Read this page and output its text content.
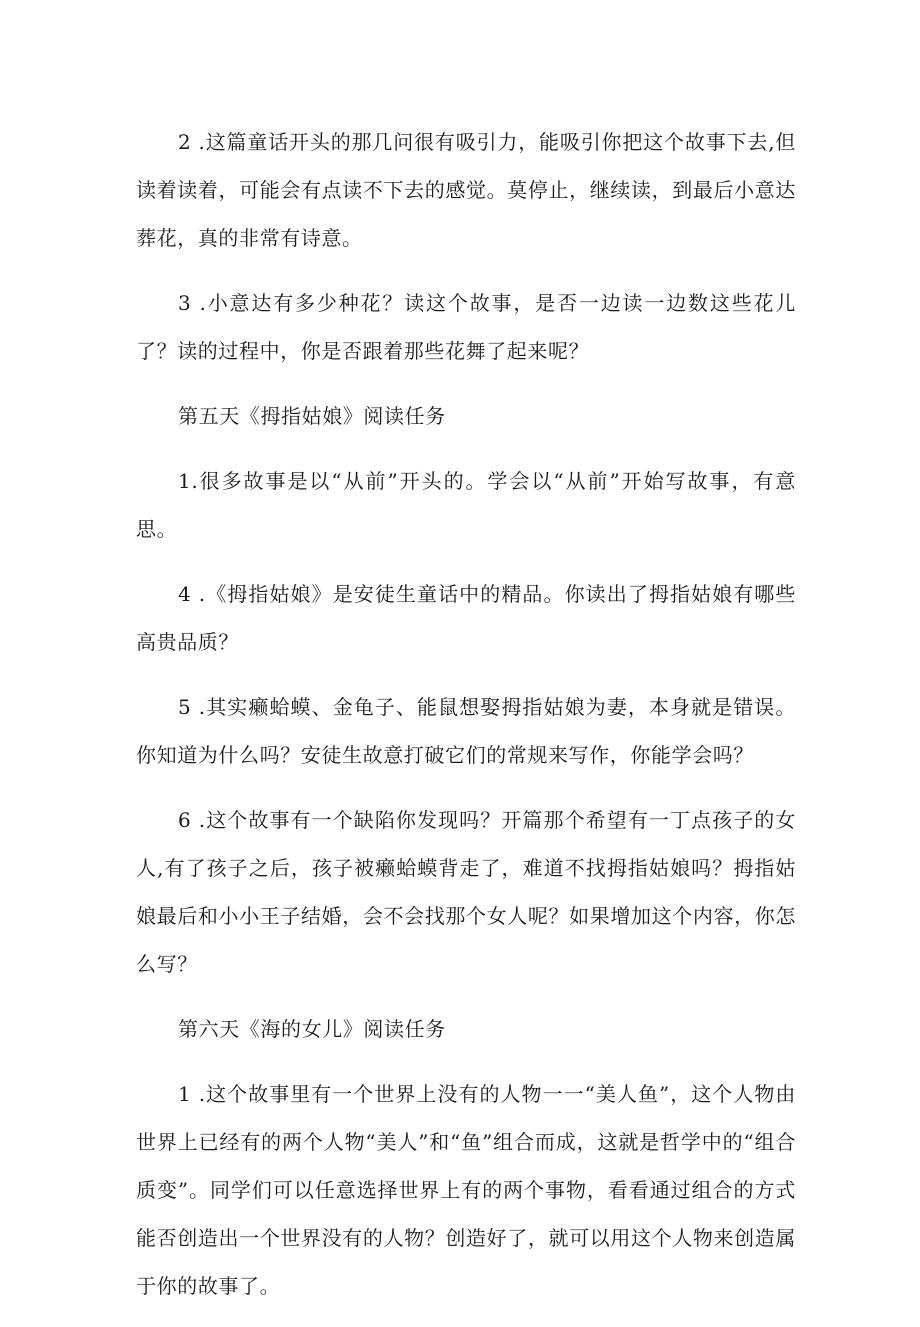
2 .这篇童话开头的那几问很有吸引力，能吸引你把这个故事下去,但读着读着，可能会有点读不下去的感觉。莫停止，继续读，到最后小意达葬花，真的非常有诗意。

3 .小意达有多少种花？读这个故事，是否一边读一边数这些花儿了？读的过程中，你是否跟着那些花舞了起来呢？

第五天《拇指姑娘》阅读任务

1.很多故事是以“从前”开头的。学会以“从前”开始写故事，有意思。

4 .《拇指姑娘》是安徒生童话中的精品。你读出了拇指姑娘有哪些高贵品质？

5 .其实癞蛤蟆、金龟子、能鼠想娶拇指姑娘为妻，本身就是错误。你知道为什么吗？安徒生故意打破它们的常规来写作，你能学会吗？

6 .这个故事有一个缺陷你发现吗？开篇那个希望有一丁点孩子的女人,有了孩子之后，孩子被癞蛤蟆背走了，难道不找拇指姑娘吗？拇指姑娘最后和小小王子结婚，会不会找那个女人呢？如果增加这个内容，你怎么写？

第六天《海的女儿》阅读任务

1 .这个故事里有一个世界上没有的人物一一“美人鱼”，这个人物由世界上已经有的两个人物“美人”和“鱼”组合而成，这就是哲学中的“组合质变”。同学们可以任意选择世界上有的两个事物，看看通过组合的方式能否创造出一个世界没有的人物？创造好了，就可以用这个人物来创造属于你的故事了。
